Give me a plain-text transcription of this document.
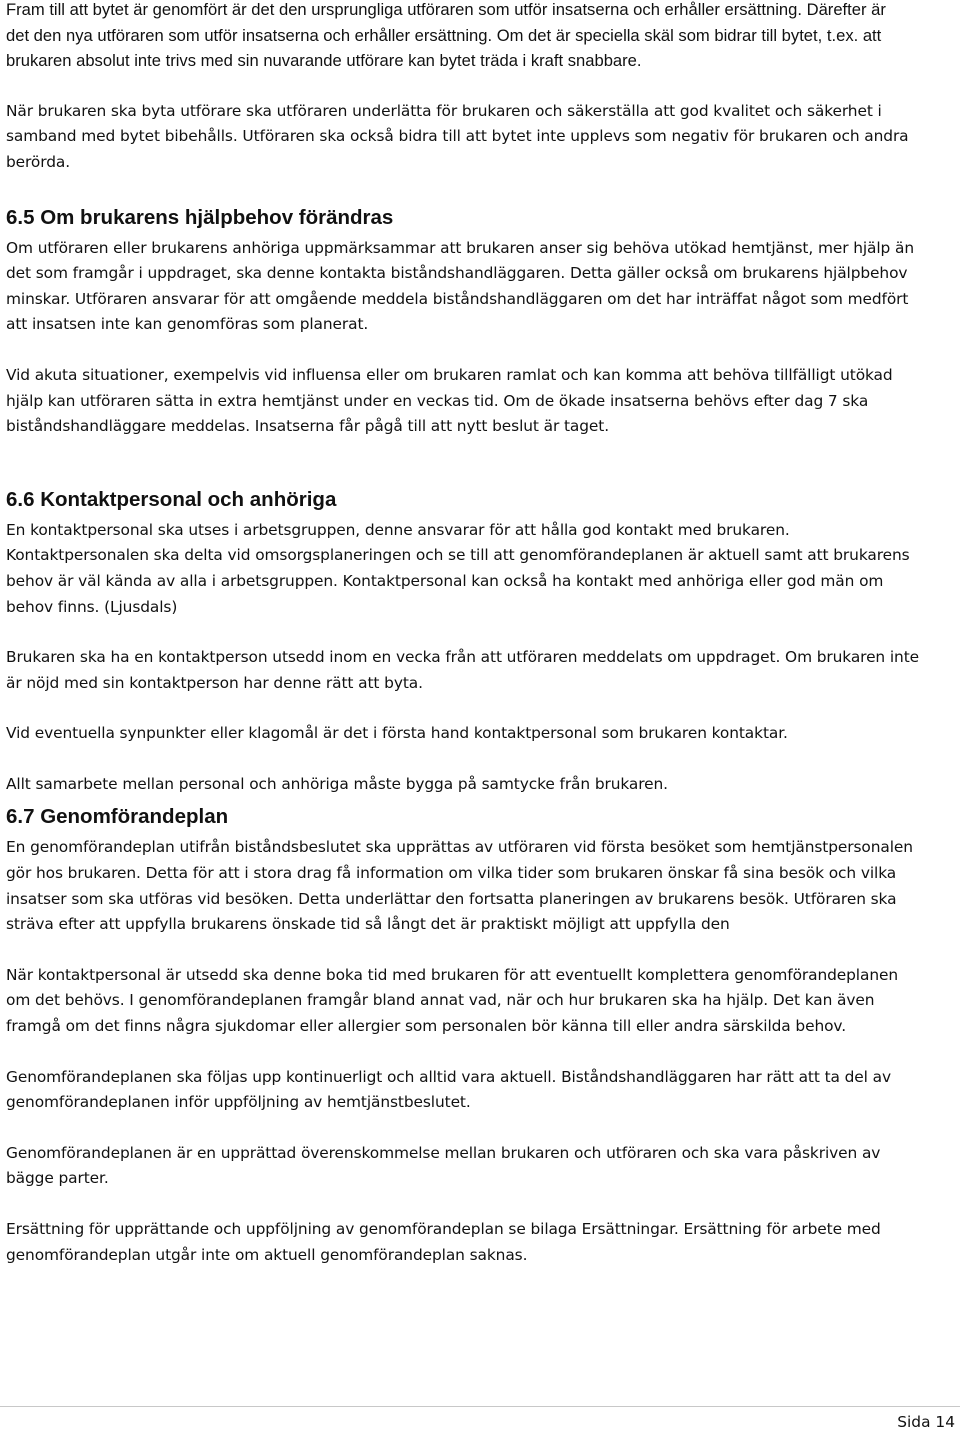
Fram till att bytet är genomfört är det den ursprungliga utföraren som utför insatserna och erhåller ersättning. Därefter är det den nya utföraren som utför insatserna och erhåller ersättning. Om det är speciella skäl som bidrar till bytet, t.ex. att brukaren absolut inte trivs med sin nuvarande utförare kan bytet träda i kraft snabbare.

När brukaren ska byta utförare ska utföraren underlätta för brukaren och säkerställa att god kvalitet och säkerhet i samband med bytet bibehålls. Utföraren ska också bidra till att bytet inte upplevs som negativ för brukaren och andra berörda.

6.5 Om brukarens hjälpbehov förändras

Om utföraren eller brukarens anhöriga uppmärksammar att brukaren anser sig behöva utökad hemtjänst, mer hjälp än det som framgår i uppdraget, ska denne kontakta biståndshandläggaren. Detta gäller också om brukarens hjälpbehov minskar. Utföraren ansvarar för att omgående meddela biståndshandläggaren om det har inträffat något som medfört att insatsen inte kan genomföras som planerat.

Vid akuta situationer, exempelvis vid influensa eller om brukaren ramlat och kan komma att behöva tillfälligt utökad hjälp kan utföraren sätta in extra hemtjänst under en veckas tid. Om de ökade insatserna behövs efter dag 7 ska biståndshandläggare meddelas. Insatserna får pågå till att nytt beslut är taget.

6.6 Kontaktpersonal och anhöriga

En kontaktpersonal ska utses i arbetsgruppen, denne ansvarar för att hålla god kontakt med brukaren. Kontaktpersonalen ska delta vid omsorgsplaneringen och se till att genomförandeplanen är aktuell samt att brukarens behov är väl kända av alla i arbetsgruppen. Kontaktpersonal kan också ha kontakt med anhöriga eller god män om behov finns. (Ljusdals)

Brukaren ska ha en kontaktperson utsedd inom en vecka från att utföraren meddelats om uppdraget. Om brukaren inte är nöjd med sin kontaktperson har denne rätt att byta.

Vid eventuella synpunkter eller klagomål är det i första hand kontaktpersonal som brukaren kontaktar.

Allt samarbete mellan personal och anhöriga måste bygga på samtycke från brukaren.

6.7 Genomförandeplan

En genomförandeplan utifrån biståndsbeslutet ska upprättas av utföraren vid första besöket som hemtjänstpersonalen gör hos brukaren. Detta för att i stora drag få information om vilka tider som brukaren önskar få sina besök och vilka insatser som ska utföras vid besöken. Detta underlättar den fortsatta planeringen av brukarens besök. Utföraren ska sträva efter att uppfylla brukarens önskade tid så långt det är praktiskt möjligt att uppfylla den

När kontaktpersonal är utsedd ska denne boka tid med brukaren för att eventuellt komplettera genomförandeplanen om det behövs. I genomförandeplanen framgår bland annat vad, när och hur brukaren ska ha hjälp. Det kan även framgå om det finns några sjukdomar eller allergier som personalen bör känna till eller andra särskilda behov.

Genomförandeplanen ska följas upp kontinuerligt och alltid vara aktuell. Biståndshandläggaren har rätt att ta del av genomförandeplanen inför uppföljning av hemtjänstbeslutet.

Genomförandeplanen är en upprättad överenskommelse mellan brukaren och utföraren och ska vara påskriven av bägge parter.

Ersättning för upprättande och uppföljning av genomförandeplan se bilaga Ersättningar. Ersättning för arbete med genomförandeplan utgår inte om aktuell genomförandeplan saknas.

Sida 14
